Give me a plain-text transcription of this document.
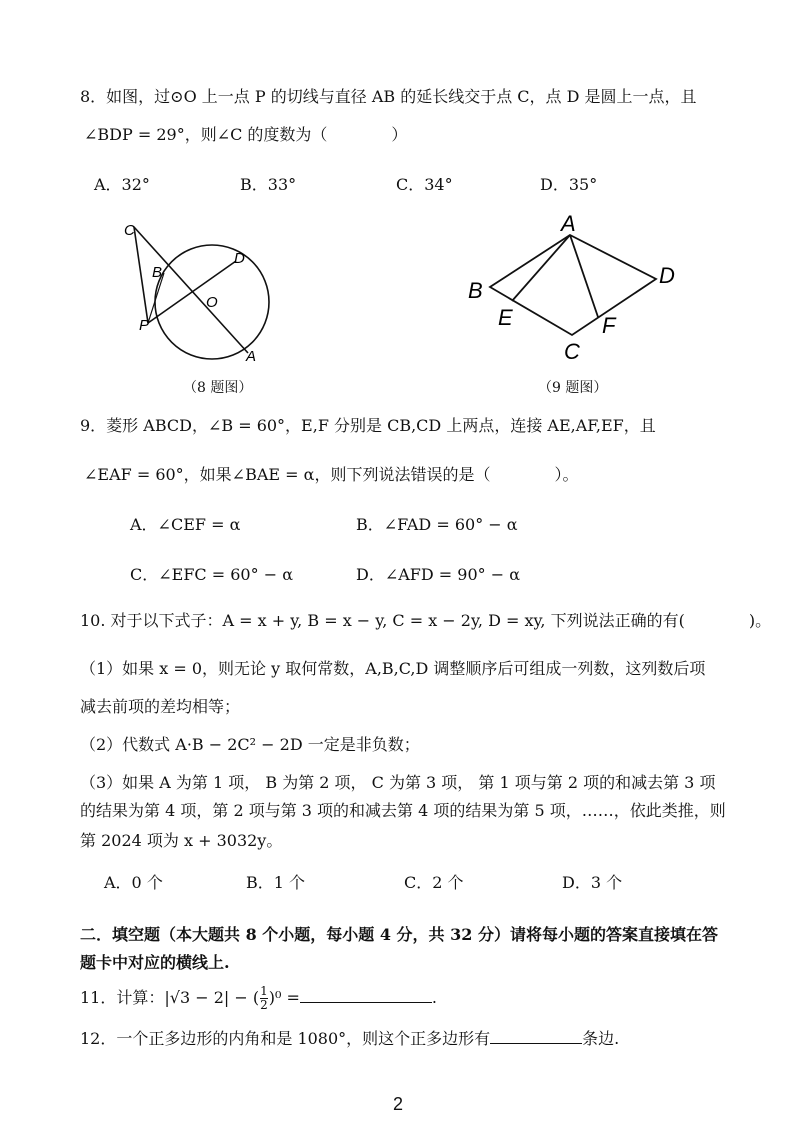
8．如图，过⊙O 上一点 P 的切线与直径 AB 的延长线交于点 C，点 D 是圆上一点，且
∠BDP = 29°，则∠C 的度数为（　　　　）
A．32°	B．33°	C．34°	D．35°
C
B
D
O
P
A
（8 题图）
A
B
D
E	F
C
（9 题图）
9．菱形 ABCD，∠B = 60°，E,F 分别是 CB,CD 上两点，连接 AE,AF,EF，且
∠EAF = 60°，如果∠BAE = α，则下列说法错误的是（　　　　）。
A．∠CEF = α	B．∠FAD = 60° − α
C．∠EFC = 60° − α	D．∠AFD = 90° − α
10. 对于以下式子：A = x + y, B = x − y, C = x − 2y, D = xy, 下列说法正确的有(　　　　)。
（1）如果 x = 0，则无论 y 取何常数，A,B,C,D 调整顺序后可组成一列数，这列数后项
减去前项的差均相等；
（2）代数式 A·B − 2C² − 2D 一定是非负数；
（3）如果 A 为第 1 项， B 为第 2 项， C 为第 3 项， 第 1 项与第 2 项的和减去第 3 项
的结果为第 4 项，第 2 项与第 3 项的和减去第 4 项的结果为第 5 项，……，依此类推，则
第 2024 项为 x + 3032y。
A．0 个	B．1 个	C．2 个	D．3 个
二．填空题（本大题共 8 个小题，每小题 4 分，共 32 分）请将每小题的答案直接填在答
题卡中对应的横线上.
11．计算：|√3 − 2| − ( $\frac{1}{2} )^0$ =	.
12．一个正多边形的内角和是 1080°，则这个正多边形有	条边.
2
